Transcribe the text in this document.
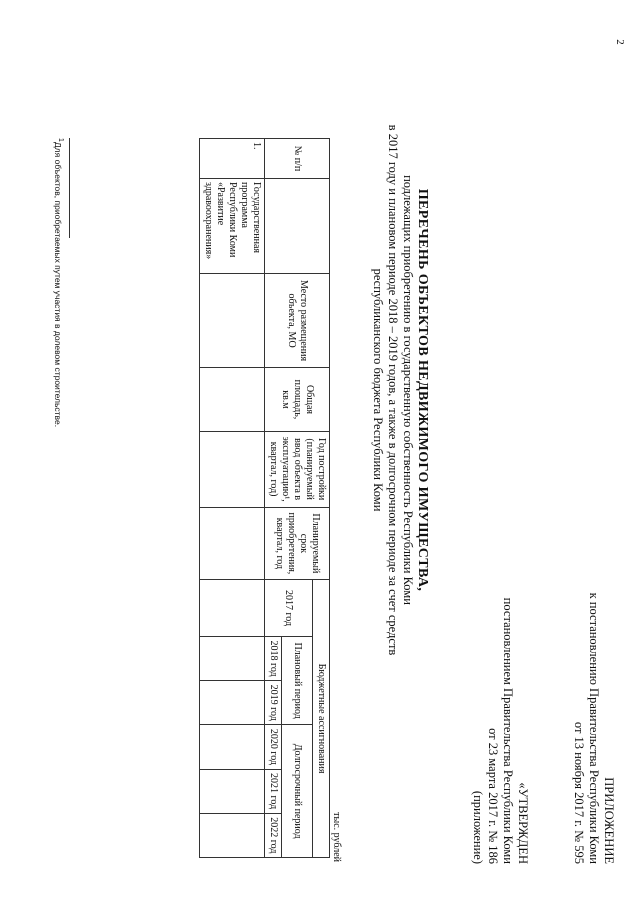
2
ПРИЛОЖЕНИЕ
к постановлению Правительства Республики Коми
от 13 ноября 2017 г. № 595
«УТВЕРЖДЕН
постановлением Правительства Республики Коми
от 23 марта 2017 г. № 186
(приложение)
ПЕРЕЧЕНЬ ОБЪЕКТОВ НЕДВИЖИМОГО ИМУЩЕСТВА,
подлежащих приобретению в государственную собственность Республики Коми
в 2017 году и плановом периоде 2018 – 2019 годов, а также в долгосрочном периоде за счет средств
республиканского бюджета Республики Коми
тыс. рублей
№ п/п		Место размещения объекта, МО	Общая площадь, кв.м	Год постройки (планируемый ввод объекта в эксплуатацию¹, квартал, год)	Планируемый срок приобретения, квартал, год	Бюджетные ассигнования					
						2017 год	Плановый период		Долгосрочный период		
							2018 год	2019 год	2020 год	2021 год	2022 год
1.	Государственная программа Республики Коми «Развитие здравоохранения»										
$^1$Для объектов, приобретаемых путем участия в долевом строительстве.
